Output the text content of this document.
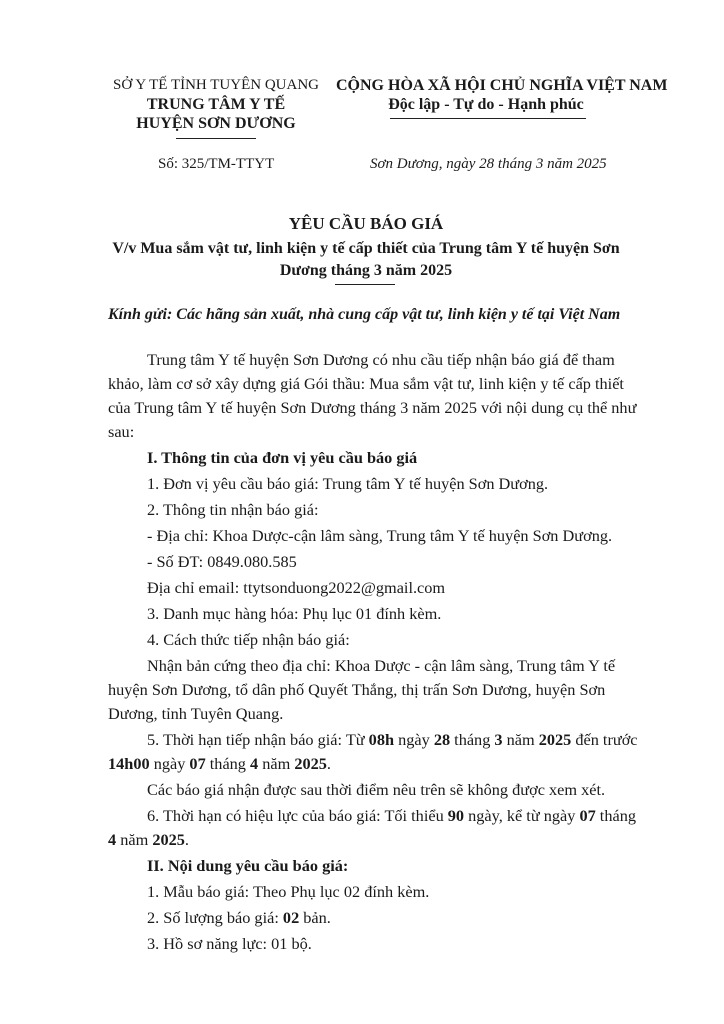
SỞ Y TẾ TỈNH TUYÊN QUANG
TRUNG TÂM Y TẾ
HUYỆN SƠN DƯƠNG
Số: 325/TM-TTYT
CỘNG HÒA XÃ HỘI CHỦ NGHĨA VIỆT NAM
Độc lập - Tự do - Hạnh phúc
Sơn Dương, ngày 28 tháng 3 năm 2025
YÊU CẦU BÁO GIÁ
V/v Mua sắm vật tư, linh kiện y tế cấp thiết của Trung tâm Y tế huyện Sơn
Dương tháng 3 năm 2025
Kính gửi: Các hãng sản xuất, nhà cung cấp vật tư, linh kiện y tế tại Việt Nam
Trung tâm Y tế huyện Sơn Dương có nhu cầu tiếp nhận báo giá để tham
khảo, làm cơ sở xây dựng giá Gói thầu: Mua sắm vật tư, linh kiện y tế cấp thiết
của Trung tâm Y tế huyện Sơn Dương tháng 3 năm 2025 với nội dung cụ thể như
sau:
I. Thông tin của đơn vị yêu cầu báo giá
1. Đơn vị yêu cầu báo giá: Trung tâm Y tế huyện Sơn Dương.
2. Thông tin nhận báo giá:
- Địa chỉ: Khoa Dược-cận lâm sàng, Trung tâm Y tế huyện Sơn Dương.
- Số ĐT: 0849.080.585
Địa chỉ email: ttytsonduong2022@gmail.com
3. Danh mục hàng hóa: Phụ lục 01 đính kèm.
4. Cách thức tiếp nhận báo giá:
Nhận bản cứng theo địa chỉ: Khoa Dược - cận lâm sàng, Trung tâm Y tế
huyện Sơn Dương, tổ dân phố Quyết Thắng, thị trấn Sơn Dương, huyện Sơn
Dương, tỉnh Tuyên Quang.
5. Thời hạn tiếp nhận báo giá: Từ 08h ngày 28 tháng 3 năm 2025 đến trước
14h00 ngày 07 tháng 4 năm 2025.
Các báo giá nhận được sau thời điểm nêu trên sẽ không được xem xét.
6. Thời hạn có hiệu lực của báo giá: Tối thiểu 90 ngày, kể từ ngày 07 tháng
4 năm 2025.
II. Nội dung yêu cầu báo giá:
1. Mẫu báo giá: Theo Phụ lục 02 đính kèm.
2. Số lượng báo giá: 02 bản.
3. Hồ sơ năng lực: 01 bộ.
